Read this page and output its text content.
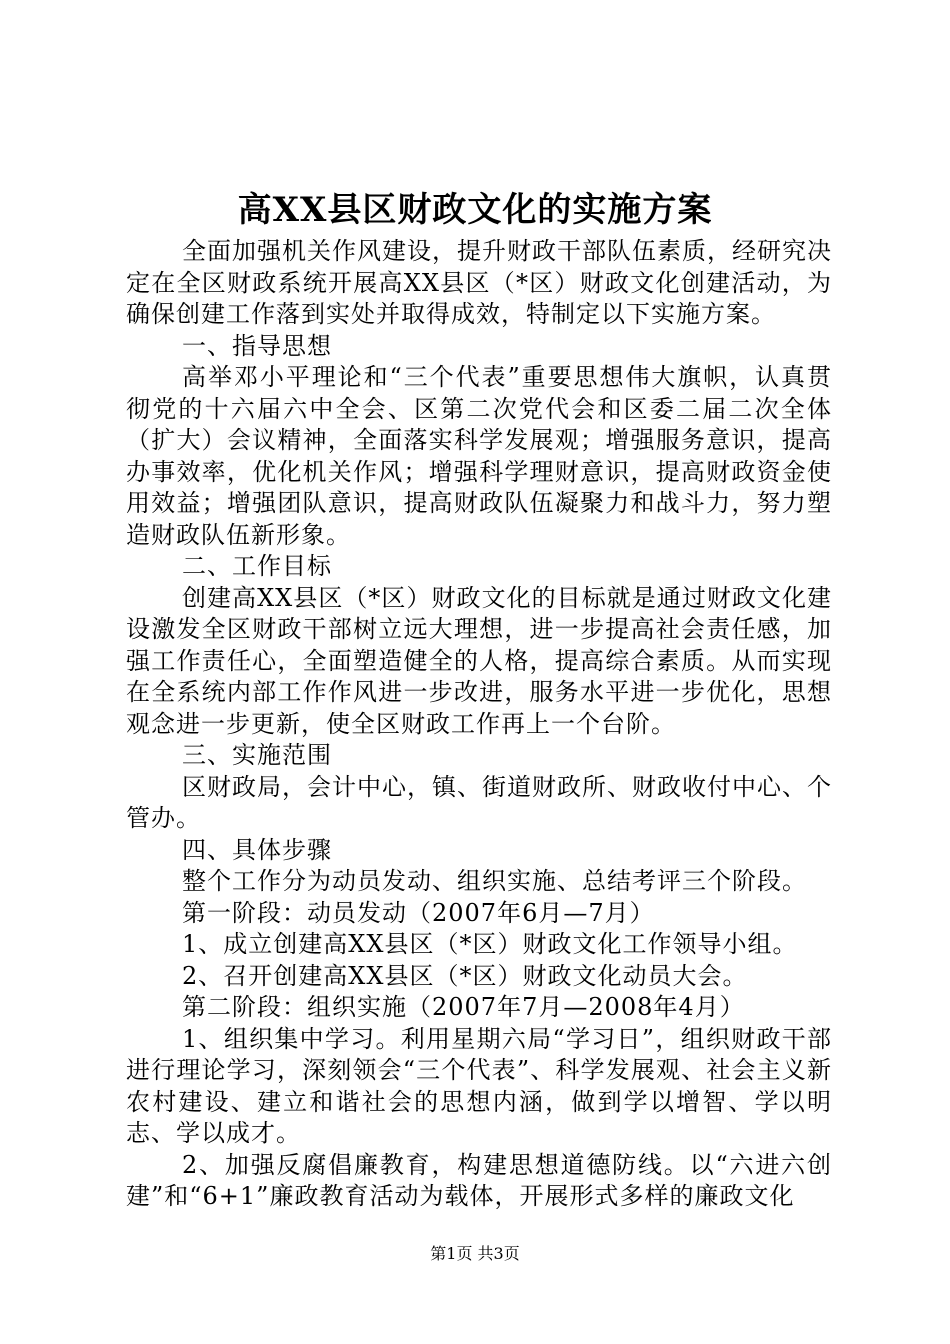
高XX县区财政文化的实施方案

全面加强机关作风建设，提升财政干部队伍素质，经研究决定在全区财政系统开展高XX县区（*区）财政文化创建活动，为确保创建工作落到实处并取得成效，特制定以下实施方案。

一、指导思想

高举邓小平理论和“三个代表”重要思想伟大旗帜，认真贯彻党的十六届六中全会、区第二次党代会和区委二届二次全体（扩大）会议精神，全面落实科学发展观；增强服务意识，提高办事效率，优化机关作风；增强科学理财意识，提高财政资金使用效益；增强团队意识，提高财政队伍凝聚力和战斗力，努力塑造财政队伍新形象。

二、工作目标

创建高XX县区（*区）财政文化的目标就是通过财政文化建设激发全区财政干部树立远大理想，进一步提高社会责任感，加强工作责任心，全面塑造健全的人格，提高综合素质。从而实现在全系统内部工作作风进一步改进，服务水平进一步优化，思想观念进一步更新，使全区财政工作再上一个台阶。

三、实施范围

区财政局，会计中心，镇、街道财政所、财政收付中心、个管办。

四、具体步骤

整个工作分为动员发动、组织实施、总结考评三个阶段。

第一阶段：动员发动（2007年6月—7月）

1、成立创建高XX县区（*区）财政文化工作领导小组。

2、召开创建高XX县区（*区）财政文化动员大会。

第二阶段：组织实施（2007年7月—2008年4月）

1、组织集中学习。利用星期六局“学习日”，组织财政干部进行理论学习，深刻领会“三个代表”、科学发展观、社会主义新农村建设、建立和谐社会的思想内涵，做到学以增智、学以明志、学以成才。

2、加强反腐倡廉教育，构建思想道德防线。以“六进六创建”和“6+1”廉政教育活动为载体，开展形式多样的廉政文化

第1页 共3页
